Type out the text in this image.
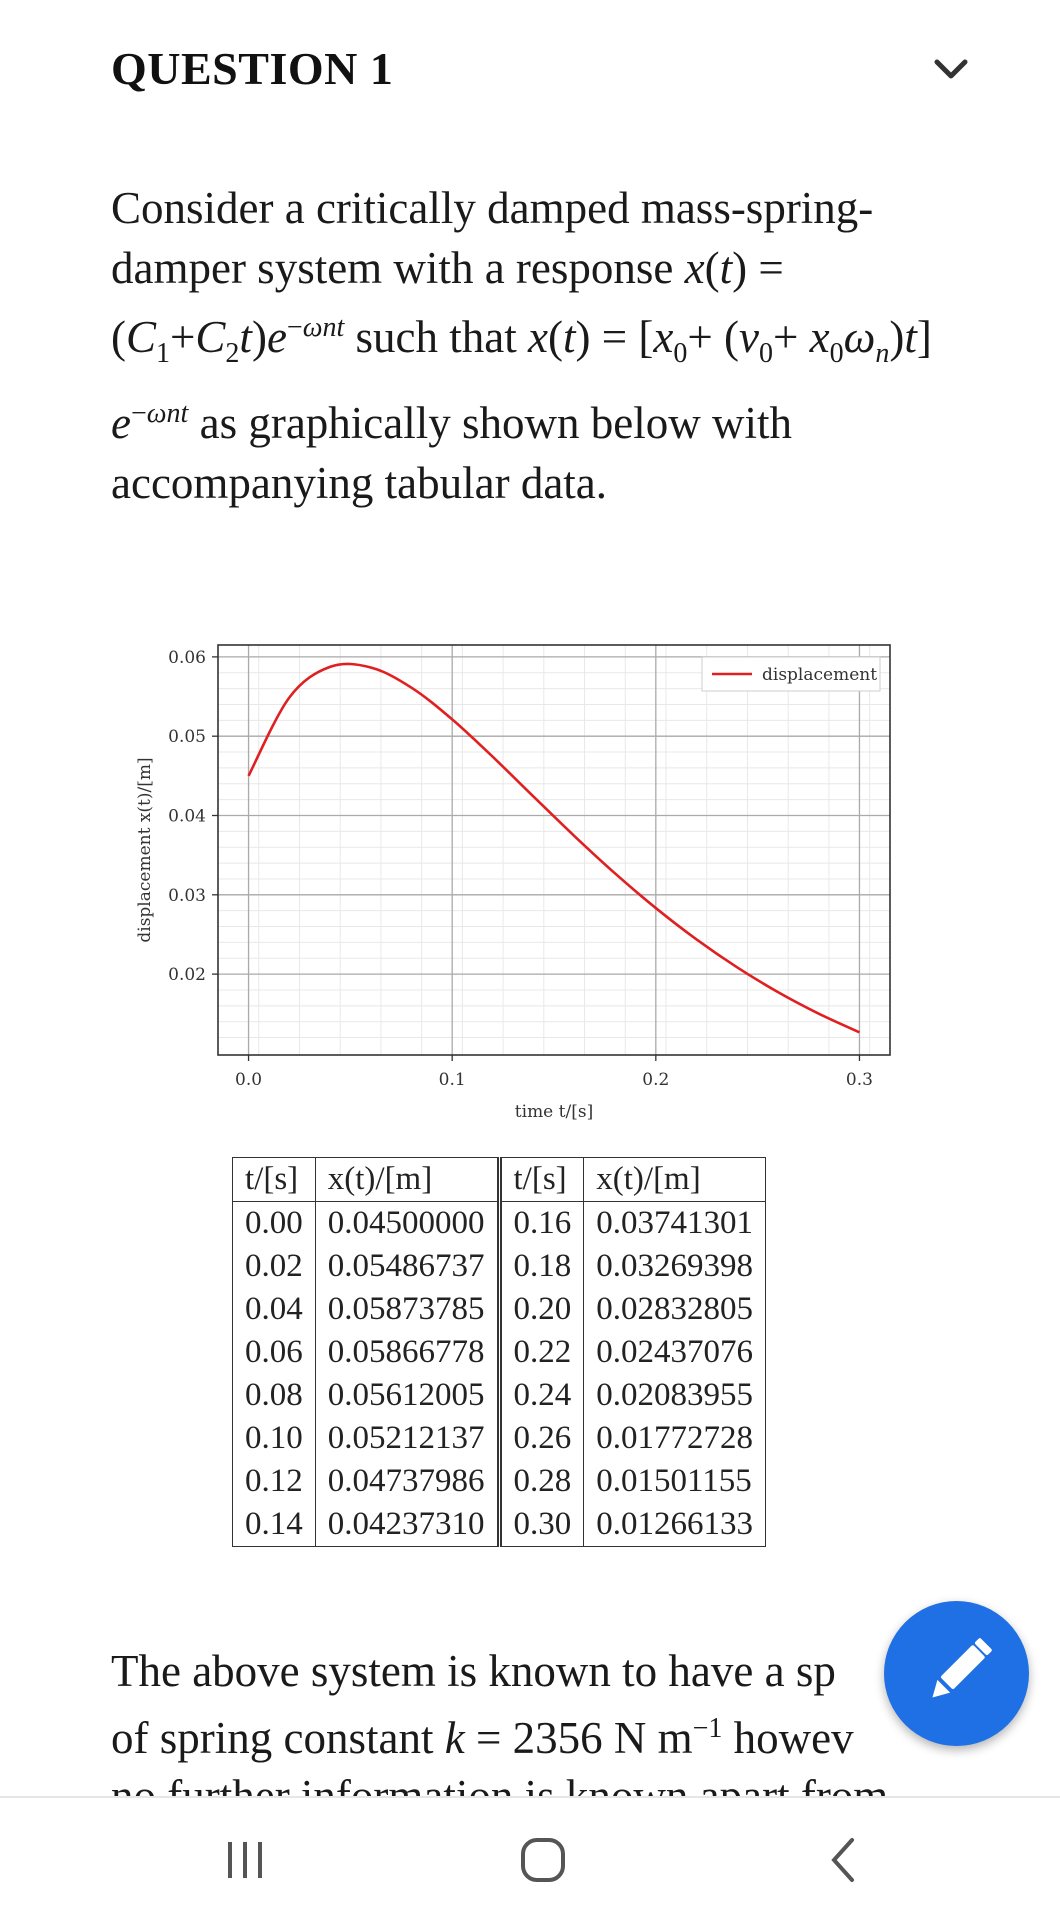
QUESTION 1
Consider a critically damped mass-spring-damper system with a response $x(t) = (C_1+C_2t)e^{-\omega nt}$ such that $x(t) = [x_0+ (v_0+ x_0\omega_n)t]$ $e^{-\omega nt}$ as graphically shown below with accompanying tabular data.
0.0	0.1	0.2	0.3
0.02
0.03
0.04
0.05
0.06
displacement
time t/[s]
displacement x(t)/[m]
t/[s]	x(t)/[m]	t/[s]	x(t)/[m]
0.00	0.04500000	0.16	0.03741301
0.02	0.05486737	0.18	0.03269398
0.04	0.05873785	0.20	0.02832805
0.06	0.05866778	0.22	0.02437076
0.08	0.05612005	0.24	0.02083955
0.10	0.05212137	0.26	0.01772728
0.12	0.04737986	0.28	0.01501155
0.14	0.04237310	0.30	0.01266133
The above system is known to have a sp
of spring constant k = 2356 N $m^{-1}$ howev
